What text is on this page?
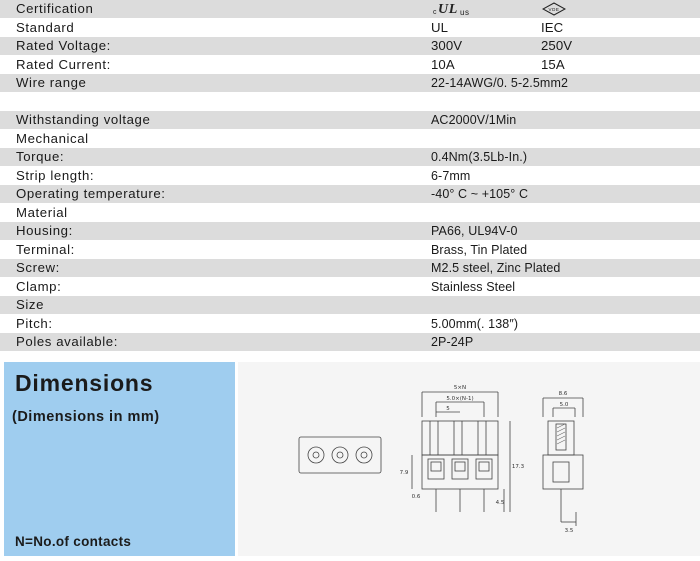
Certification	c UL us	VDE
Standard	UL	IEC
Rated Voltage:	300V	250V
Rated Current:	10A	15A
Wire range	22-14AWG/0. 5-2.5mm2
Withstanding voltage	AC2000V/1Min
Mechanical
Torque:	0.4Nm(3.5Lb-In.)
Strip length:	6-7mm
Operating temperature:	-40° C ~ +105° C
Material
Housing:	PA66, UL94V-0
Terminal:	Brass, Tin Plated
Screw:	M2.5 steel, Zinc Plated
Clamp:	Stainless Steel
Size
Pitch:	5.00mm(. 138″)
Poles available:	2P-24P
Dimensions
(Dimensions in mm)
N=No.of contacts
5×N
5.0×(N-1)
5
7.9
17.3
0.6
4.5
8.6
5.0
3.5
